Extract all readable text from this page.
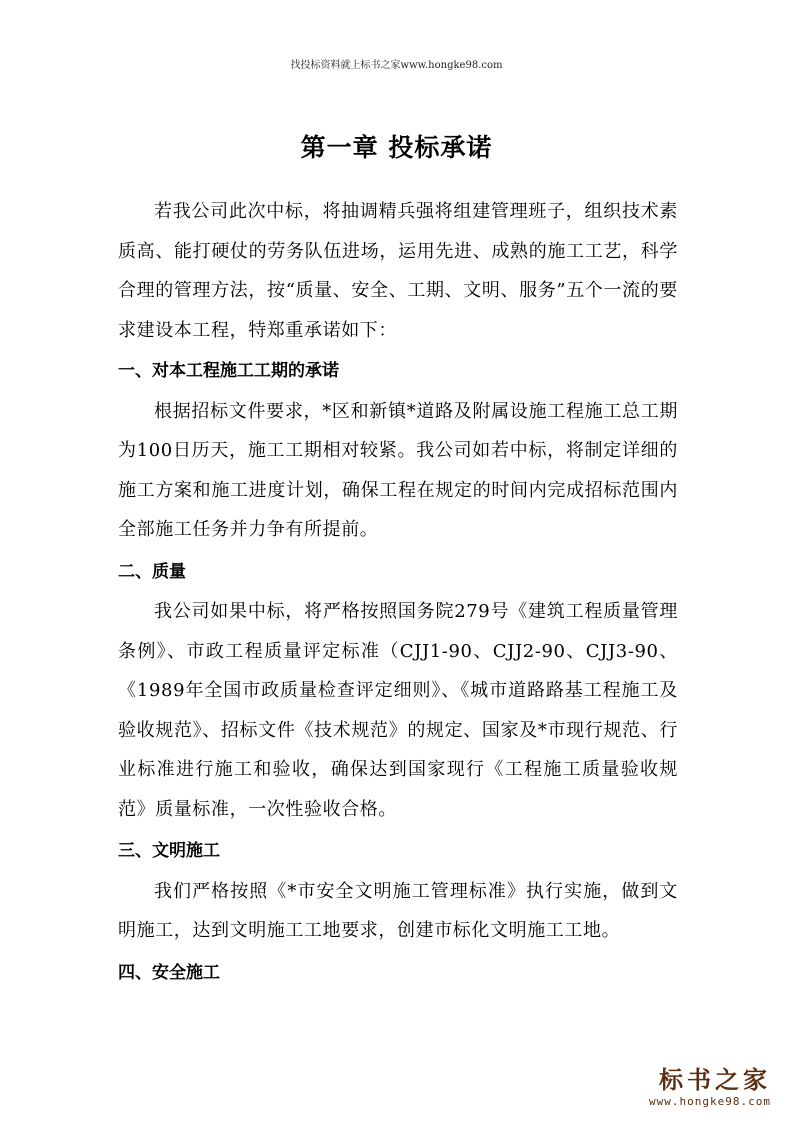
找投标资料就上标书之家www.hongke98.com
第一章 投标承诺

若我公司此次中标，将抽调精兵强将组建管理班子，组织技术素质高、能打硬仗的劳务队伍进场，运用先进、成熟的施工工艺，科学合理的管理方法，按“质量、安全、工期、文明、服务”五个一流的要求建设本工程，特郑重承诺如下：

一、对本工程施工工期的承诺

根据招标文件要求，*区和新镇*道路及附属设施工程施工总工期为100日历天，施工工期相对较紧。我公司如若中标，将制定详细的施工方案和施工进度计划，确保工程在规定的时间内完成招标范围内全部施工任务并力争有所提前。

二、质量

我公司如果中标，将严格按照国务院279号《建筑工程质量管理条例》、市政工程质量评定标准（CJJ1-90、CJJ2-90、CJJ3-90、《1989年全国市政质量检查评定细则》、《城市道路路基工程施工及验收规范》、招标文件《技术规范》的规定、国家及*市现行规范、行业标准进行施工和验收，确保达到国家现行《工程施工质量验收规范》质量标准，一次性验收合格。

三、文明施工

我们严格按照《*市安全文明施工管理标准》执行实施，做到文明施工，达到文明施工工地要求，创建市标化文明施工工地。

四、安全施工
标书之家
www.hongke98.com
